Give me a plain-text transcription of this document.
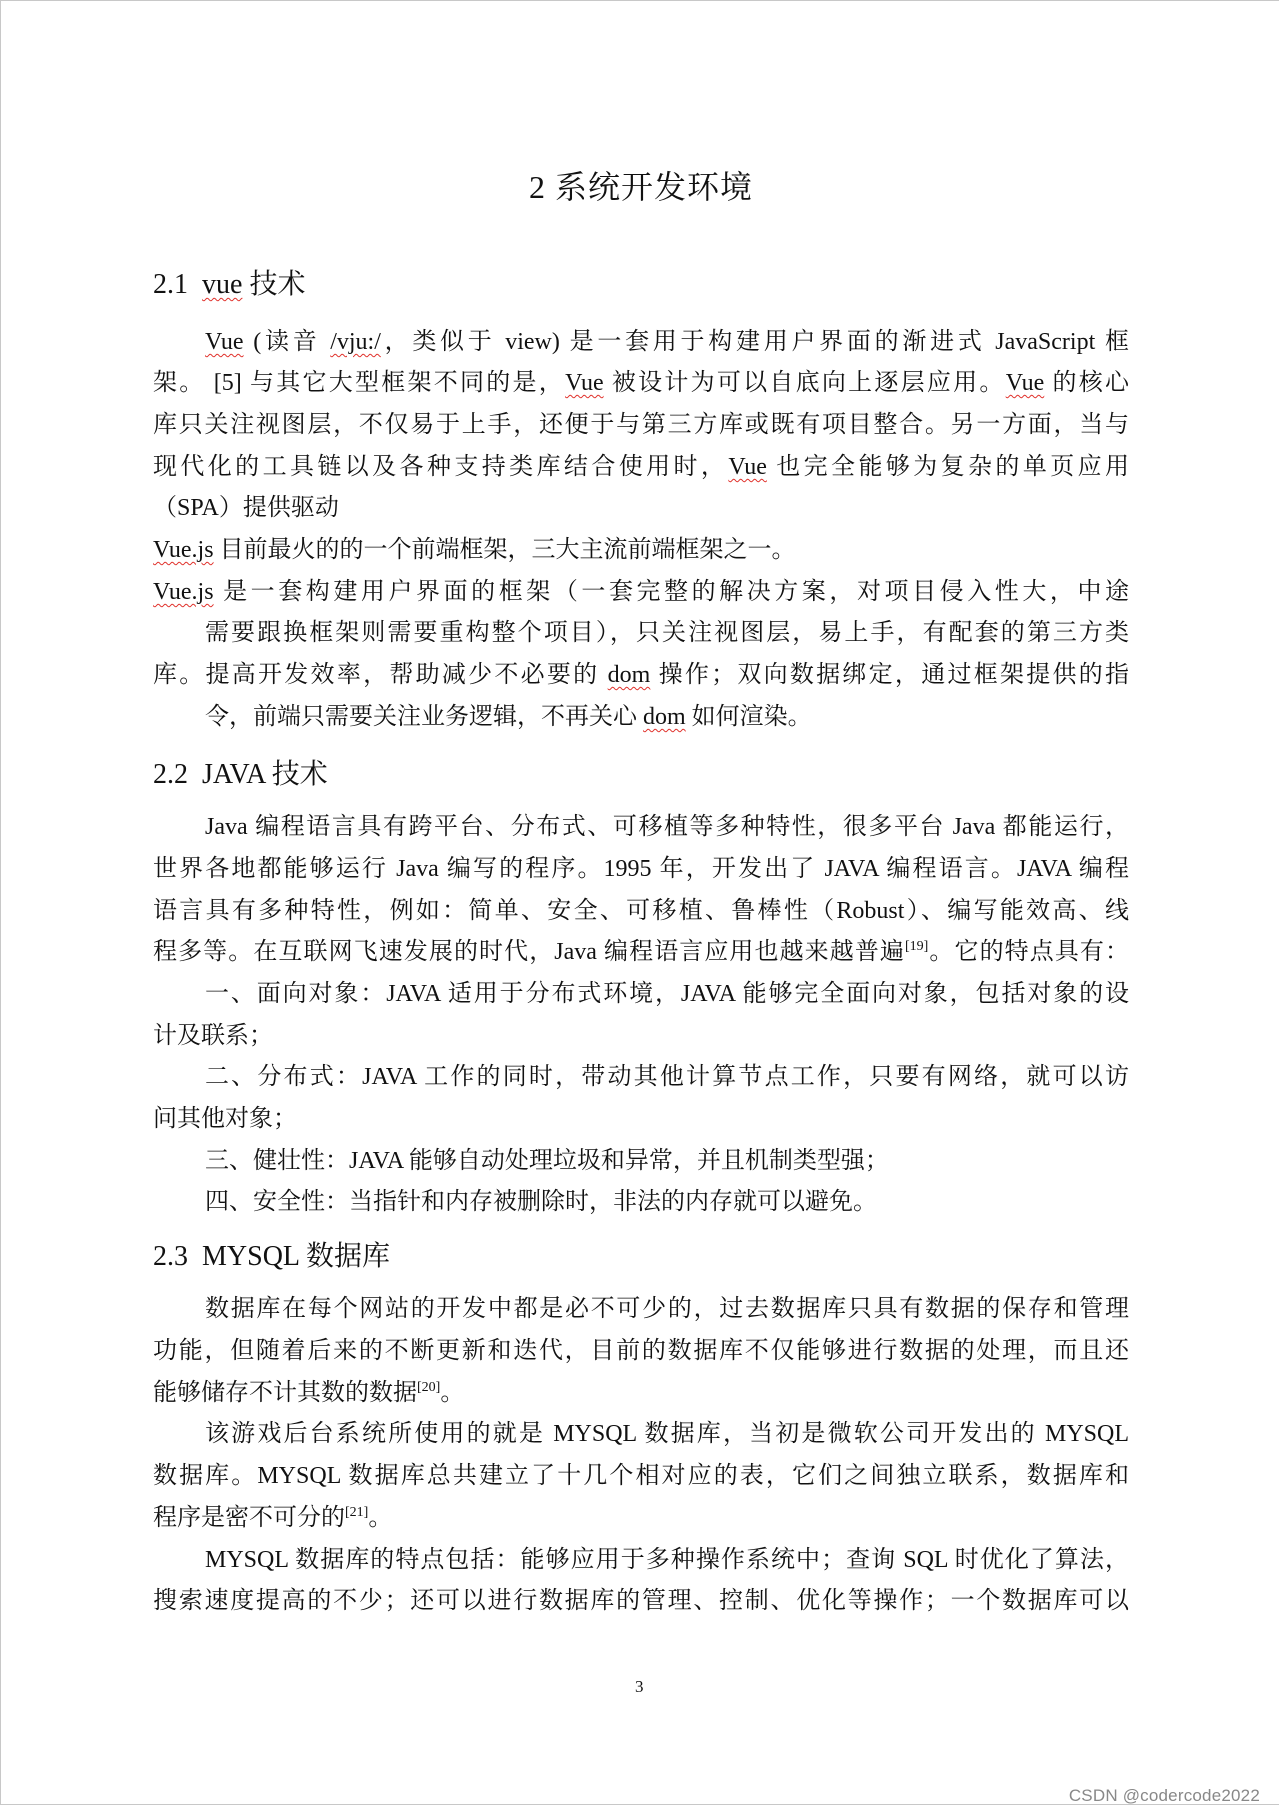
2 系统开发环境
2.1 vue 技术
Vue (读音 /vju:/，类似于 view) 是一套用于构建用户界面的渐进式 JavaScript 框
架。 [5] 与其它大型框架不同的是，Vue 被设计为可以自底向上逐层应用。Vue 的核心
库只关注视图层，不仅易于上手，还便于与第三方库或既有项目整合。另一方面，当与
现代化的工具链以及各种支持类库结合使用时，Vue 也完全能够为复杂的单页应用
（SPA）提供驱动
Vue.js 目前最火的的一个前端框架，三大主流前端框架之一。
Vue.js 是一套构建用户界面的框架（一套完整的解决方案，对项目侵入性大，中途
需要跟换框架则需要重构整个项目），只关注视图层，易上手，有配套的第三方类
库。提高开发效率，帮助减少不必要的 dom 操作；双向数据绑定，通过框架提供的指
令，前端只需要关注业务逻辑，不再关心 dom 如何渲染。
2.2 JAVA 技术
Java 编程语言具有跨平台、分布式、可移植等多种特性，很多平台 Java 都能运行，
世界各地都能够运行 Java 编写的程序。1995 年，开发出了 JAVA 编程语言。JAVA 编程
语言具有多种特性，例如：简单、安全、可移植、鲁棒性（Robust）、编写能效高、线
程多等。在互联网飞速发展的时代，Java 编程语言应用也越来越普遍[19]。它的特点具有：
一、面向对象：JAVA 适用于分布式环境，JAVA 能够完全面向对象，包括对象的设
计及联系；
二、分布式：JAVA 工作的同时，带动其他计算节点工作，只要有网络，就可以访
问其他对象；
三、健壮性：JAVA 能够自动处理垃圾和异常，并且机制类型强；
四、安全性：当指针和内存被删除时，非法的内存就可以避免。
2.3 MYSQL 数据库
数据库在每个网站的开发中都是必不可少的，过去数据库只具有数据的保存和管理
功能，但随着后来的不断更新和迭代，目前的数据库不仅能够进行数据的处理，而且还
能够储存不计其数的数据[20]。
该游戏后台系统所使用的就是 MYSQL 数据库，当初是微软公司开发出的 MYSQL
数据库。MYSQL 数据库总共建立了十几个相对应的表，它们之间独立联系，数据库和
程序是密不可分的[21]。
MYSQL 数据库的特点包括：能够应用于多种操作系统中；查询 SQL 时优化了算法，
搜索速度提高的不少；还可以进行数据库的管理、控制、优化等操作；一个数据库可以
3
CSDN @codercode2022
